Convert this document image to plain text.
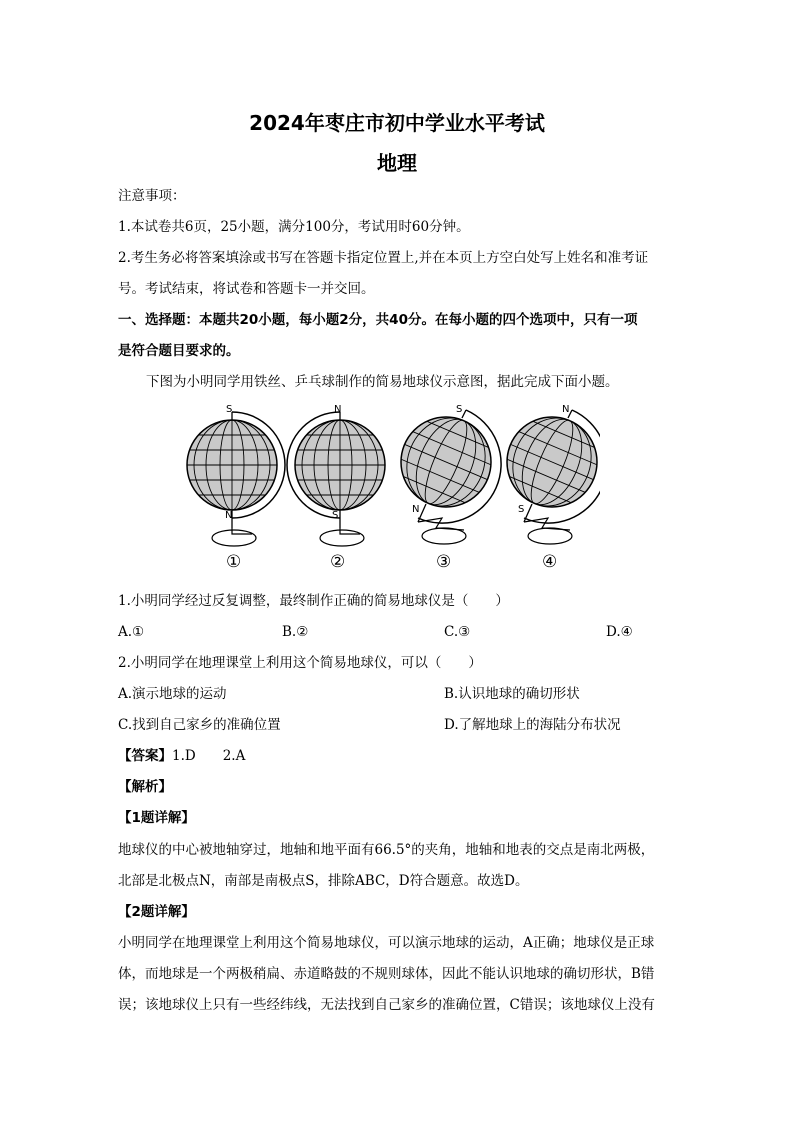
2024年枣庄市初中学业水平考试
地理
注意事项：
1.本试卷共6页，25小题，满分100分，考试用时60分钟。
2.考生务必将答案填涂或书写在答题卡指定位置上,并在本页上方空白处写上姓名和准考证
号。考试结束，将试卷和答题卡一并交回。
一、选择题：本题共20小题，每小题2分，共40分。在每小题的四个选项中，只有一项
是符合题目要求的。
下图为小明同学用铁丝、乒乓球制作的简易地球仪示意图，据此完成下面小题。
S
N
①
N
S
②
S
N
③
N
S
④
1.小明同学经过反复调整，最终制作正确的简易地球仪是（　　）
A.①	B.②	C.③	D.④
2.小明同学在地理课堂上利用这个简易地球仪，可以（　　）
A.演示地球的运动	B.认识地球的确切形状
C.找到自己家乡的准确位置	D.了解地球上的海陆分布状况
【答案】1.D　　2.A
【解析】
【1题详解】
地球仪的中心被地轴穿过，地轴和地平面有66.5°的夹角，地轴和地表的交点是南北两极，
北部是北极点N，南部是南极点S，排除ABC，D符合题意。故选D。
【2题详解】
小明同学在地理课堂上利用这个简易地球仪，可以演示地球的运动，A正确；地球仪是正球
体，而地球是一个两极稍扁、赤道略鼓的不规则球体，因此不能认识地球的确切形状，B错
误；该地球仪上只有一些经纬线，无法找到自己家乡的准确位置，C错误；该地球仪上没有
